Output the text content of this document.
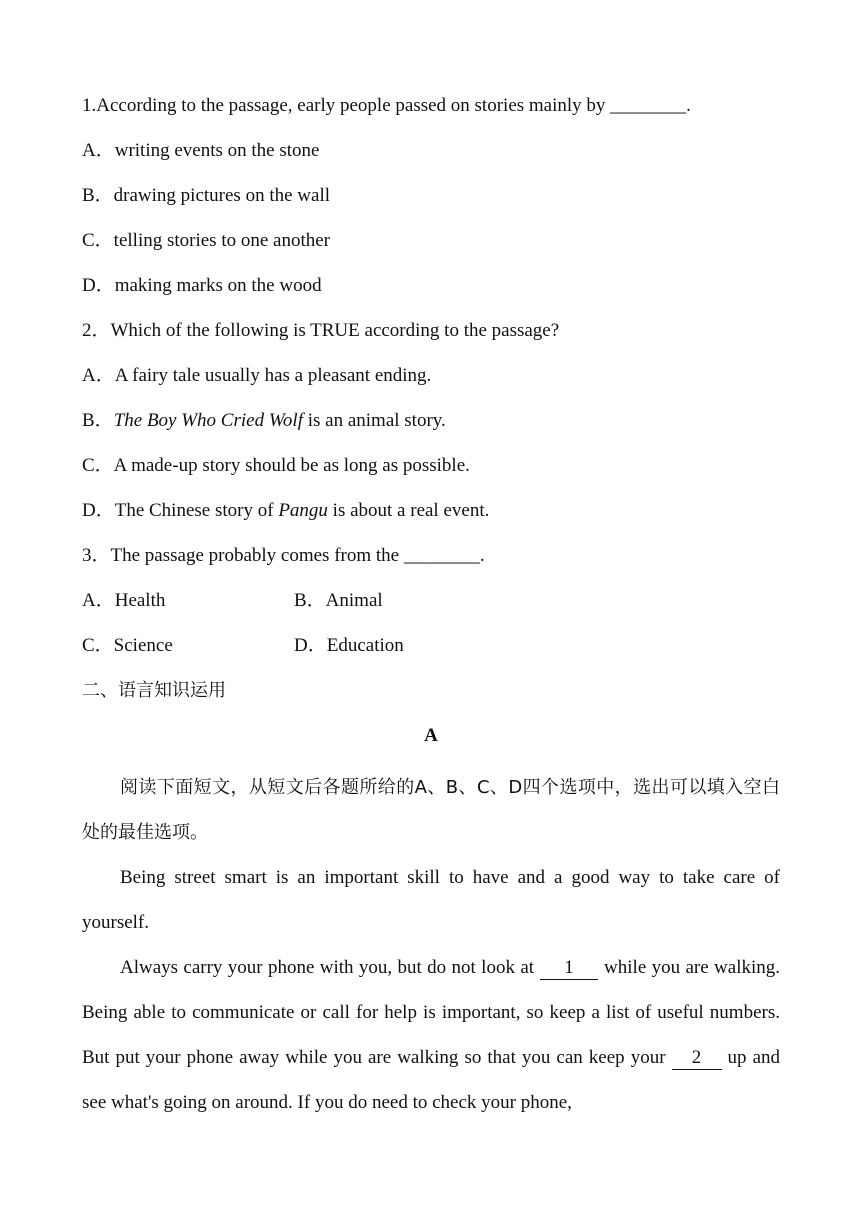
1.According to the passage, early people passed on stories mainly by ________.
A．writing events on the stone
B．drawing pictures on the wall
C．telling stories to one another
D．making marks on the wood
2．Which of the following is TRUE according to the passage?
A．A fairy tale usually has a pleasant ending.
B．The Boy Who Cried Wolf is an animal story.
C．A made-up story should be as long as possible.
D．The Chinese story of Pangu is about a real event.
3．The passage probably comes from the ________.
A．Health	B．Animal
C．Science	D．Education
二、语言知识运用
A

阅读下面短文，从短文后各题所给的A、B、C、D四个选项中，选出可以填入空白处的最佳选项。

Being street smart is an important skill to have and a good way to take care of yourself.

Always carry your phone with you, but do not look at 1 while you are walking. Being able to communicate or call for help is important, so keep a list of useful numbers. But put your phone away while you are walking so that you can keep your 2 up and see what's going on around. If you do need to check your phone,
